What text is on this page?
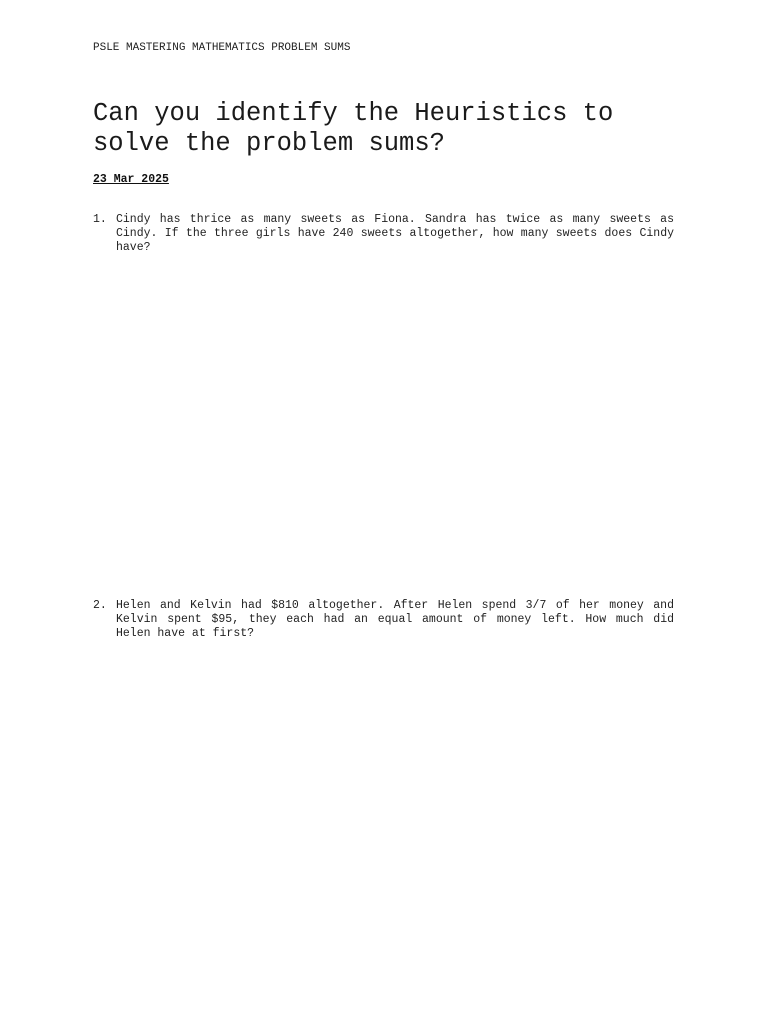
PSLE MASTERING MATHEMATICS PROBLEM SUMS
Can you identify the Heuristics to solve the problem sums?
23 Mar 2025
1. Cindy has thrice as many sweets as Fiona. Sandra has twice as many sweets as Cindy. If the three girls have 240 sweets altogether, how many sweets does Cindy have?
2. Helen and Kelvin had $810 altogether. After Helen spend 3/7 of her money and Kelvin spent $95, they each had an equal amount of money left. How much did Helen have at first?
